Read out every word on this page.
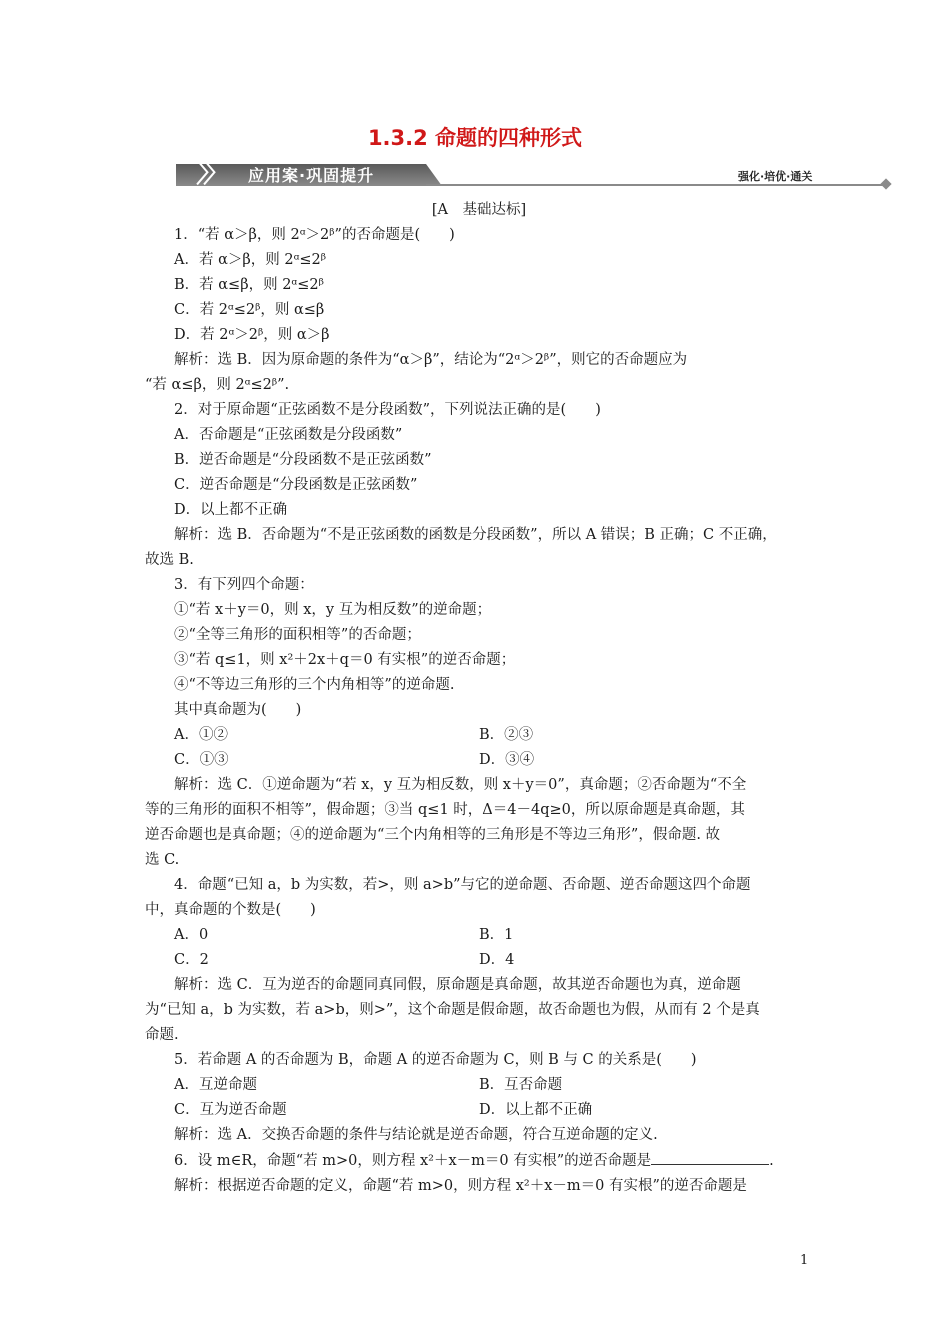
1.3.2 命题的四种形式
〉〉 应用案·巩固提升	强化·培优·通关

[A　基础达标]

1．“若 α＞β，则 2ᵅ＞2ᵝ”的否命题是(　　)

A．若 α＞β，则 2ᵅ≤2ᵝ

B．若 α≤β，则 2ᵅ≤2ᵝ

C．若 2ᵅ≤2ᵝ，则 α≤β

D．若 2ᵅ＞2ᵝ，则 α＞β

解析：选 B．因为原命题的条件为“α＞β”，结论为“2ᵅ＞2ᵝ”，则它的否命题应为

“若 α≤β，则 2ᵅ≤2ᵝ”.

2．对于原命题“正弦函数不是分段函数”，下列说法正确的是(　　)

A．否命题是“正弦函数是分段函数”

B．逆否命题是“分段函数不是正弦函数”

C．逆否命题是“分段函数是正弦函数”

D．以上都不正确

解析：选 B．否命题为“不是正弦函数的函数是分段函数”，所以 A 错误；B 正确；C 不正确，

故选 B.

3．有下列四个命题：

①“若 x＋y＝0，则 x，y 互为相反数”的逆命题；

②“全等三角形的面积相等”的否命题；

③“若 q≤1，则 x²＋2x＋q＝0 有实根”的逆否命题；

④“不等边三角形的三个内角相等”的逆命题.

其中真命题为(　　)

A．①②	B．②③
C．①③	D．③④

解析：选 C．①逆命题为“若 x，y 互为相反数，则 x＋y＝0”，真命题；②否命题为“不全

等的三角形的面积不相等”，假命题；③当 q≤1 时，Δ＝4－4q≥0，所以原命题是真命题，其

逆否命题也是真命题；④的逆命题为“三个内角相等的三角形是不等边三角形”，假命题. 故

选 C.

4．命题“已知 a，b 为实数，若>，则 a>b”与它的逆命题、否命题、逆否命题这四个命题

中，真命题的个数是(　　)

A．0	B．1
C．2	D．4

解析：选 C．互为逆否的命题同真同假，原命题是真命题，故其逆否命题也为真，逆命题

为“已知 a，b 为实数，若 a>b，则>”，这个命题是假命题，故否命题也为假，从而有 2 个是真

命题.

5．若命题 A 的否命题为 B，命题 A 的逆否命题为 C，则 B 与 C 的关系是(　　)

A．互逆命题	B．互否命题
C．互为逆否命题	D．以上都不正确

解析：选 A．交换否命题的条件与结论就是逆否命题，符合互逆命题的定义.

6．设 m∈R，命题“若 m>0，则方程 x²＋x－m＝0 有实根”的逆否命题是	.

解析：根据逆否命题的定义，命题“若 m>0，则方程 x²＋x－m＝0 有实根”的逆否命题是

1
